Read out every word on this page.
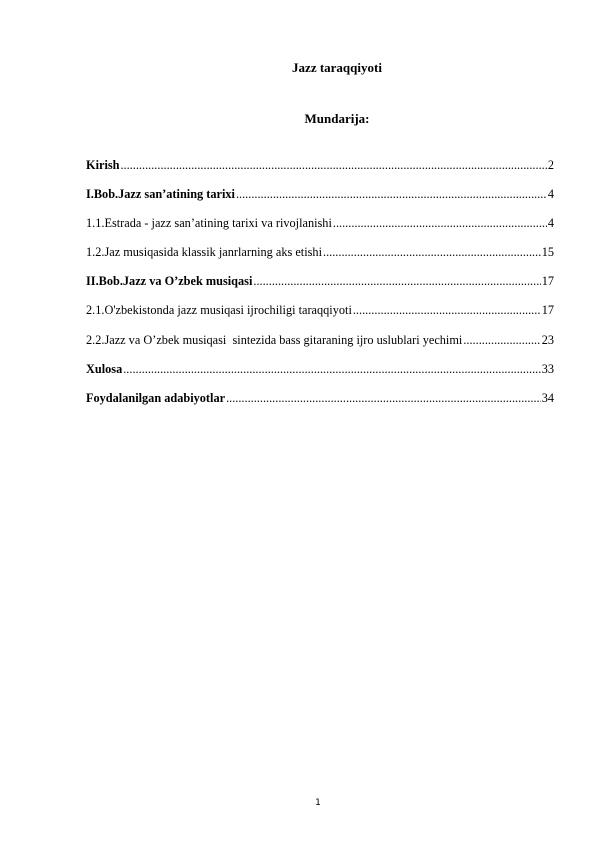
Jazz taraqqiyoti
Mundarija:
Kirish .....	2
I.Bob.Jazz san’atining tarixi .....	4
1.1.Estrada - jazz san’atining tarixi va rivojlanishi .....	4
1.2.Jaz musiqasida klassik janrlarning aks etishi .....	15
II.Bob.Jazz va O’zbek musiqasi .....	17
2.1.O'zbekistonda jazz musiqasi ijrochiligi taraqqiyoti .....	17
2.2.Jazz va O’zbek musiqasi  sintezida bass gitaraning ijro uslublari yechimi .....	23
Xulosa .....	33
Foydalanilgan adabiyotlar .....	34
1
